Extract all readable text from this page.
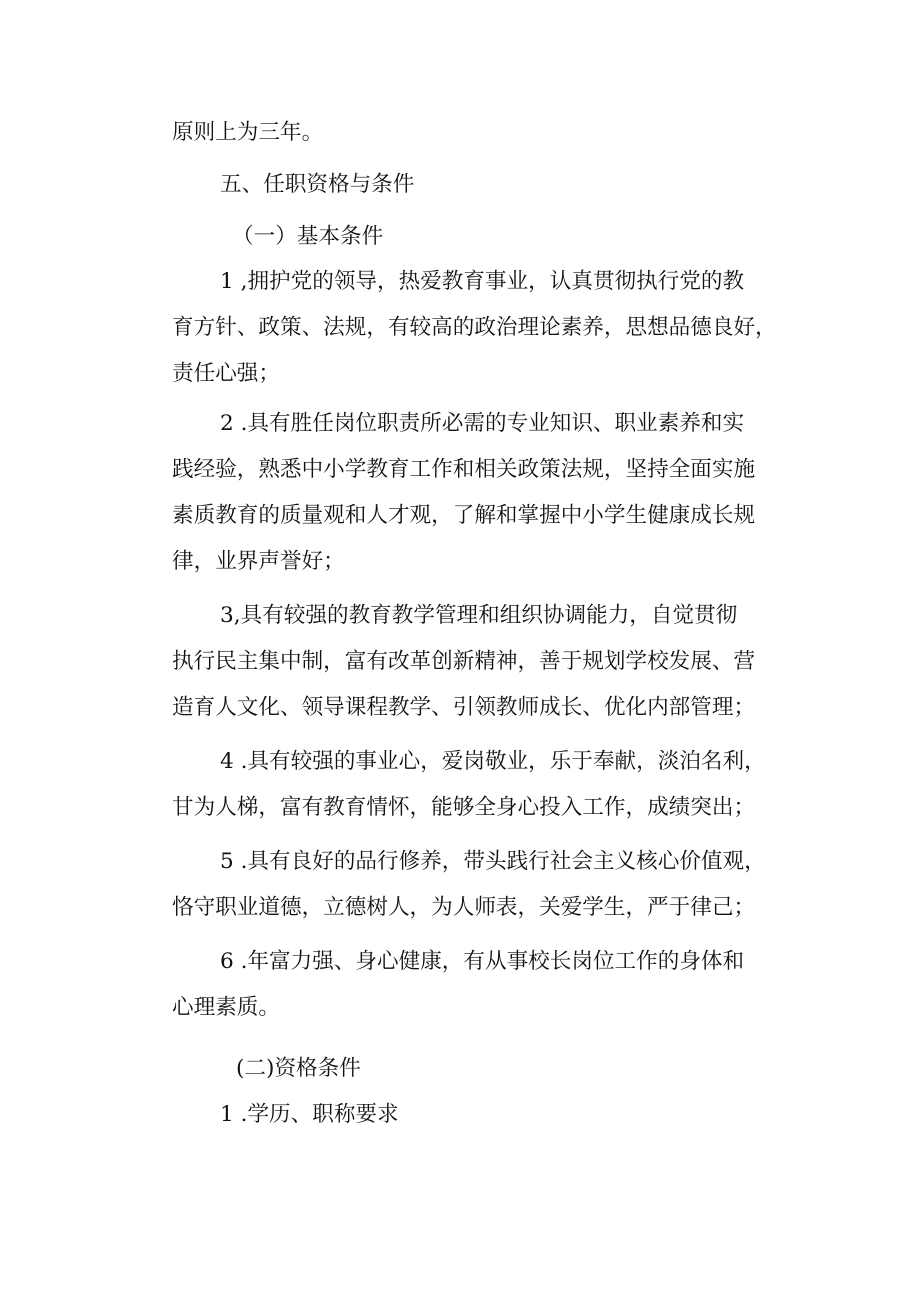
原则上为三年。
五、任职资格与条件
（一）基本条件
1 ,拥护党的领导，热爱教育事业，认真贯彻执行党的教
育方针、政策、法规，有较高的政治理论素养，思想品德良好，
责任心强；
2 .具有胜任岗位职责所必需的专业知识、职业素养和实
践经验，熟悉中小学教育工作和相关政策法规，坚持全面实施
素质教育的质量观和人才观，了解和掌握中小学生健康成长规
律，业界声誉好；
3,具有较强的教育教学管理和组织协调能力，自觉贯彻
执行民主集中制，富有改革创新精神，善于规划学校发展、营
造育人文化、领导课程教学、引领教师成长、优化内部管理；
4 .具有较强的事业心，爱岗敬业，乐于奉献，淡泊名利，
甘为人梯，富有教育情怀，能够全身心投入工作，成绩突出；
5 .具有良好的品行修养，带头践行社会主义核心价值观，
恪守职业道德，立德树人，为人师表，关爱学生，严于律己；
6 .年富力强、身心健康，有从事校长岗位工作的身体和
心理素质。
(二)资格条件
1 .学历、职称要求
